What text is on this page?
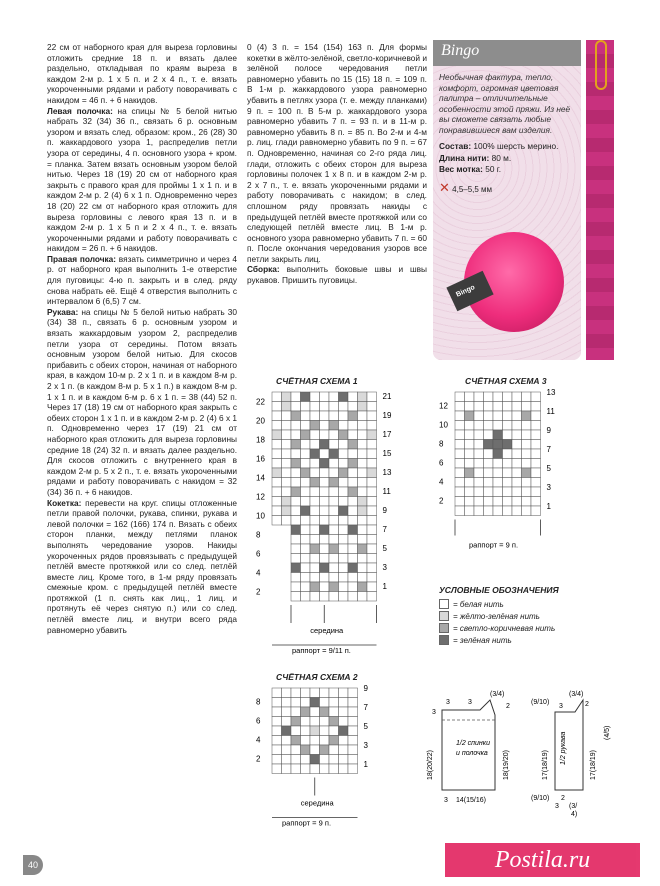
22 см от наборного края для выреза горловины отложить средние 18 п. и вязать далее раздельно, откладывая по краям выреза в каждом 2-м р. 1 х 5 п. и 2 х 4 п., т. е. вязать укороченными рядами и работу поворачивать с накидом = 46 п. + 6 накидов.

Левая полочка: на спицы № 5 белой нитью набрать 32 (34) 36 п., связать 6 р. основным узором и вязать след. образом: кром., 26 (28) 30 п. жаккардового узора 1, распределив петли узора от середины, 4 п. основного узора + кром. = планка. Затем вязать основным узором белой нитью. Через 18 (19) 20 см от наборного края закрыть с правого края для проймы 1 х 1 п. и в каждом 2-м р. 2 (4) 6 х 1 п. Одновременно через 18 (20) 22 см от наборного края отложить для выреза горловины с левого края 13 п. и в каждом 2-м р. 1 х 5 п и 2 х 4 п., т. е. вязать укороченными рядами и работу поворачивать с накидом = 26 п. + 6 накидов.

Правая полочка: вязать симметрично и через 4 р. от наборного края выполнить 1-е отверстие для пуговицы: 4-ю п. закрыть и в след. ряду снова набрать её. Ещё 4 отверстия выполнить с интервалом 6 (6,5) 7 см.

Рукава: на спицы № 5 белой нитью набрать 30 (34) 38 п., связать 6 р. основным узором и вязать жаккардовым узором 2, распределив петли узора от середины. Потом вязать основным узором белой нитью. Для скосов прибавить с обеих сторон, начиная от наборного края, в каждом 10-м р. 2 х 1 п. и в каждом 8-м р. 2 х 1 п. (в каждом 8-м р. 5 х 1 п.) в каждом 8-м р. 1 х 1 п. и в каждом 6-м р. 6 х 1 п. = 38 (44) 52 п. Через 17 (18) 19 см от наборного края закрыть с обеих сторон 1 х 1 п. и в каждом 2-м р. 2 (4) 6 х 1 п. Одновременно через 17 (19) 21 см от наборного края отложить для выреза горловины средние 18 (24) 32 п. и вязать далее раздельно. Для скосов отложить с внутреннего края в каждом 2-м р. 5 х 2 п., т. е. вязать укороченными рядами и работу поворачивать с накидом = 32 (34) 36 п. + 6 накидов.

Кокетка: перевести на круг. спицы отложенные петли правой полочки, рукава, спинки, рукава и левой полочки = 162 (166) 174 п. Вязать с обеих сторон планки, между петлями планок выполнять чередование узоров. Накиды укороченных рядов провязывать с предыдущей петлёй вместе протяжкой или со след. петлёй вместе лиц. Кроме того, в 1-м ряду провязать смежные кром. с предыдущей петлёй вместе протяжкой (1 п. снять как лиц., 1 лиц. и протянуть её через снятую п.) или со след. петлёй вместе лиц. и внутри всего ряда равномерно убавить

0 (4) 3 п. = 154 (154) 163 п. Для формы кокетки в жёлто-зелёной, светло-коричневой и зелёной полосе чередования петли равномерно убавить по 15 (15) 18 п. = 109 п. В 1-м р. жаккардового узора равномерно убавить в петлях узора (т. е. между планками) 9 п. = 100 п. В 5-м р. жаккардового узора равномерно убавить 7 п. = 93 п. и в 11-м р. равномерно убавить 8 п. = 85 п. Во 2-м и 4-м р. лиц. глади равномерно убавить по 9 п. = 67 п. Одновременно, начиная со 2-го ряда лиц. глади, отложить с обеих сторон для выреза горловины полочек 1 х 8 п. и в каждом 2-м р. 2 х 7 п., т. е. вязать укороченными рядами и работу поворачивать с накидом; в след. сплошном ряду провязать накиды с предыдущей петлёй вместе протяжкой или со следующей петлёй вместе лиц. В 1-м р. основного узора равномерно убавить 7 п. = 60 п. После окончания чередования узоров все петли закрыть лиц.

Сборка: выполнить боковые швы и швы рукавов. Пришить пуговицы.

Bingo
Необычная фактура, тепло, комфорт, огромная цветовая палитра – отличительные особенности этой пряжи. Из неё вы сможете связать любые понравившиеся вам изделия.
Состав: 100% шерсть мерино.
Длина нити: 80 м.
Вес мотка: 50 г.
✕ 4,5–5,5 мм
Bingo
СЧЁТНАЯ СХЕМА 1
22
20
18
16
14
12
10
8
6
4
2
21
19
17
15
13
11
9
7
5
3
1
середина
раппорт = 9/11 п.
СЧЁТНАЯ СХЕМА 2
8
6
4
2
9
7
5
3
1
середина
раппорт = 9 п.
СЧЁТНАЯ СХЕМА 3
12
10
8
6
4
2
13
11
9
7
5
3
1
раппорт = 9 п.
УСЛОВНЫЕ ОБОЗНАЧЕНИЯ
= белая нить
= жёлто-зелёная нить
= светло-коричневая нить
= зелёная нить
1/2 спинки
и полочка
3	3
(3/4)
2
18(20/22)
3
18(19/20)
3 14(15/16)
1/2 рукава
(9/10)
(3/4)
3	2
17(18/19)	17(18/19)
(4/5)
(9/10) 2
(3/
4)
3
40	Postila.ru
